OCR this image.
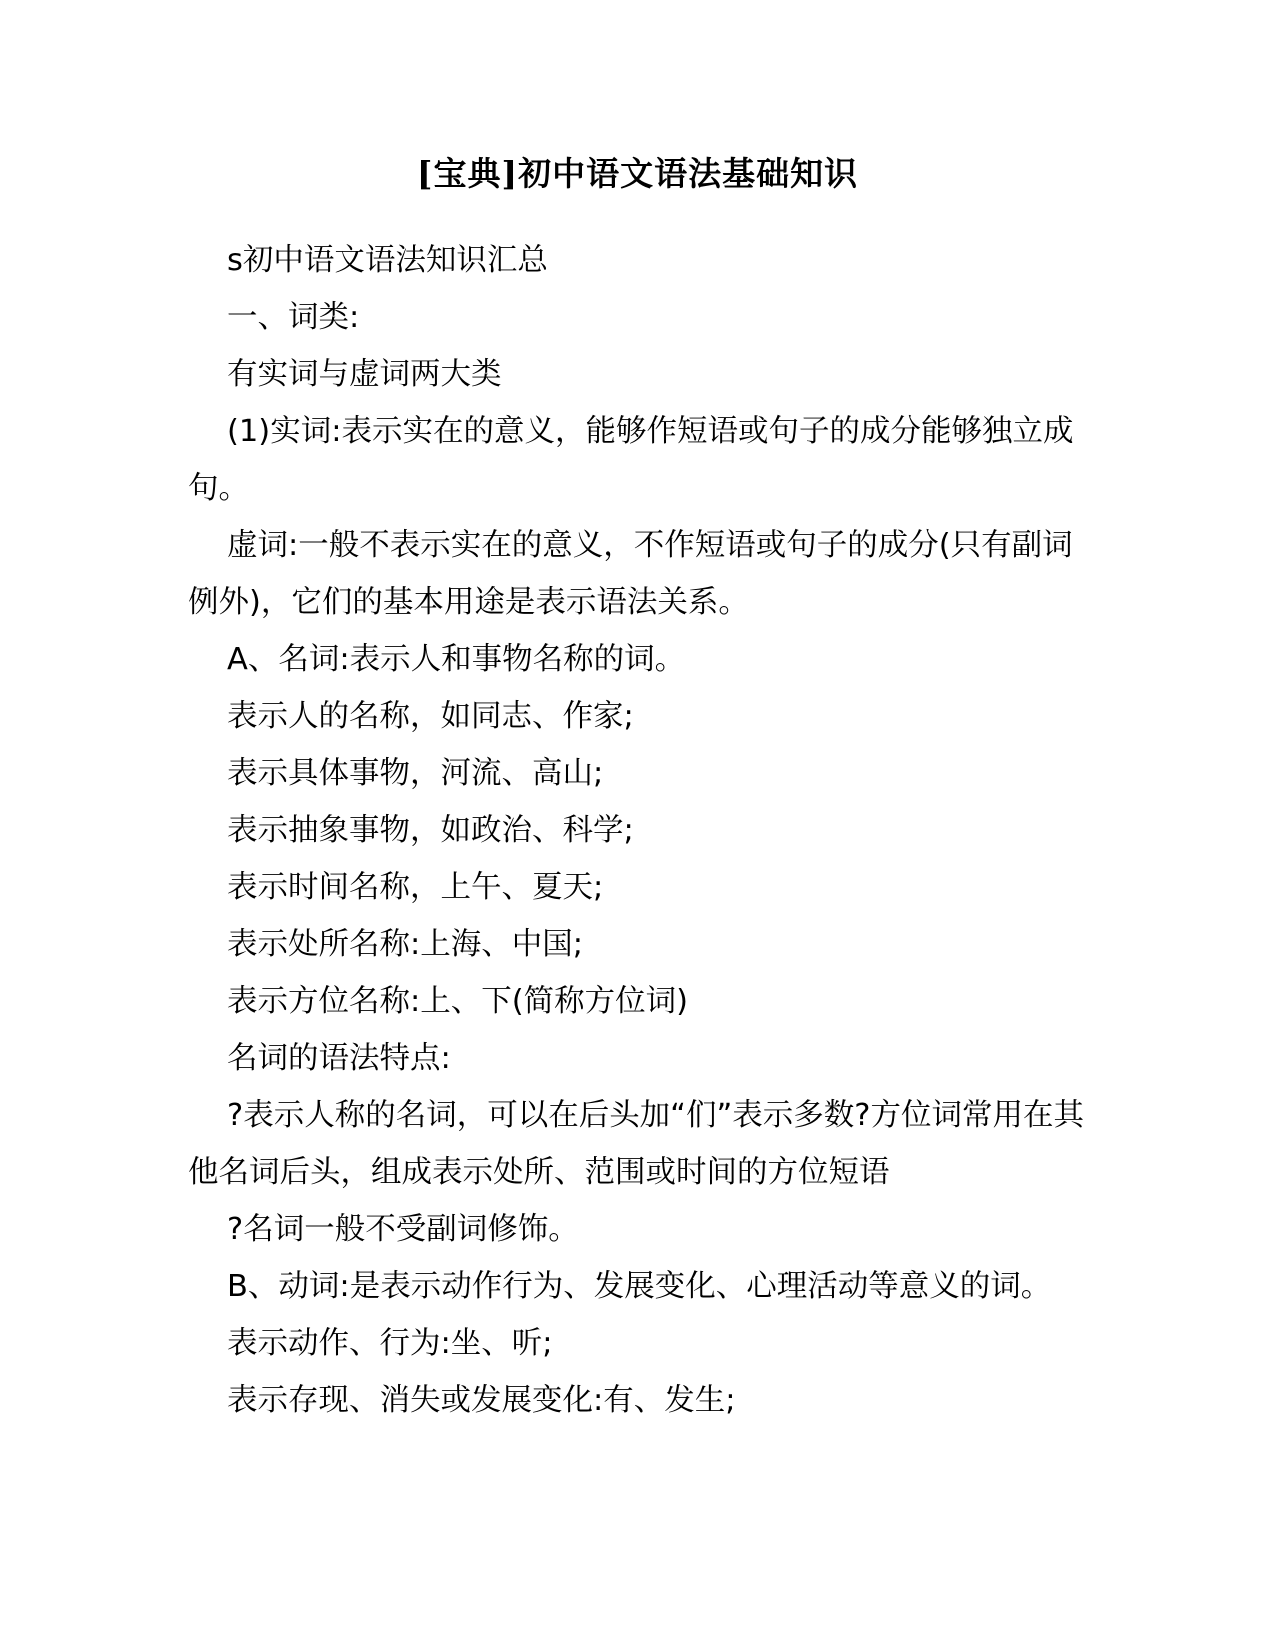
[宝典]初中语文语法基础知识

s初中语文语法知识汇总

一、词类:

有实词与虚词两大类

(1)实词:表示实在的意义，能够作短语或句子的成分能够独立成句。

虚词:一般不表示实在的意义，不作短语或句子的成分(只有副词例外)，它们的基本用途是表示语法关系。

A、名词:表示人和事物名称的词。

表示人的名称，如同志、作家;

表示具体事物，河流、高山;

表示抽象事物，如政治、科学;

表示时间名称，上午、夏天;

表示处所名称:上海、中国;

表示方位名称:上、下(简称方位词)

名词的语法特点:

?表示人称的名词，可以在后头加“们”表示多数?方位词常用在其他名词后头，组成表示处所、范围或时间的方位短语

?名词一般不受副词修饰。

B、动词:是表示动作行为、发展变化、心理活动等意义的词。

表示动作、行为:坐、听;

表示存现、消失或发展变化:有、发生;
